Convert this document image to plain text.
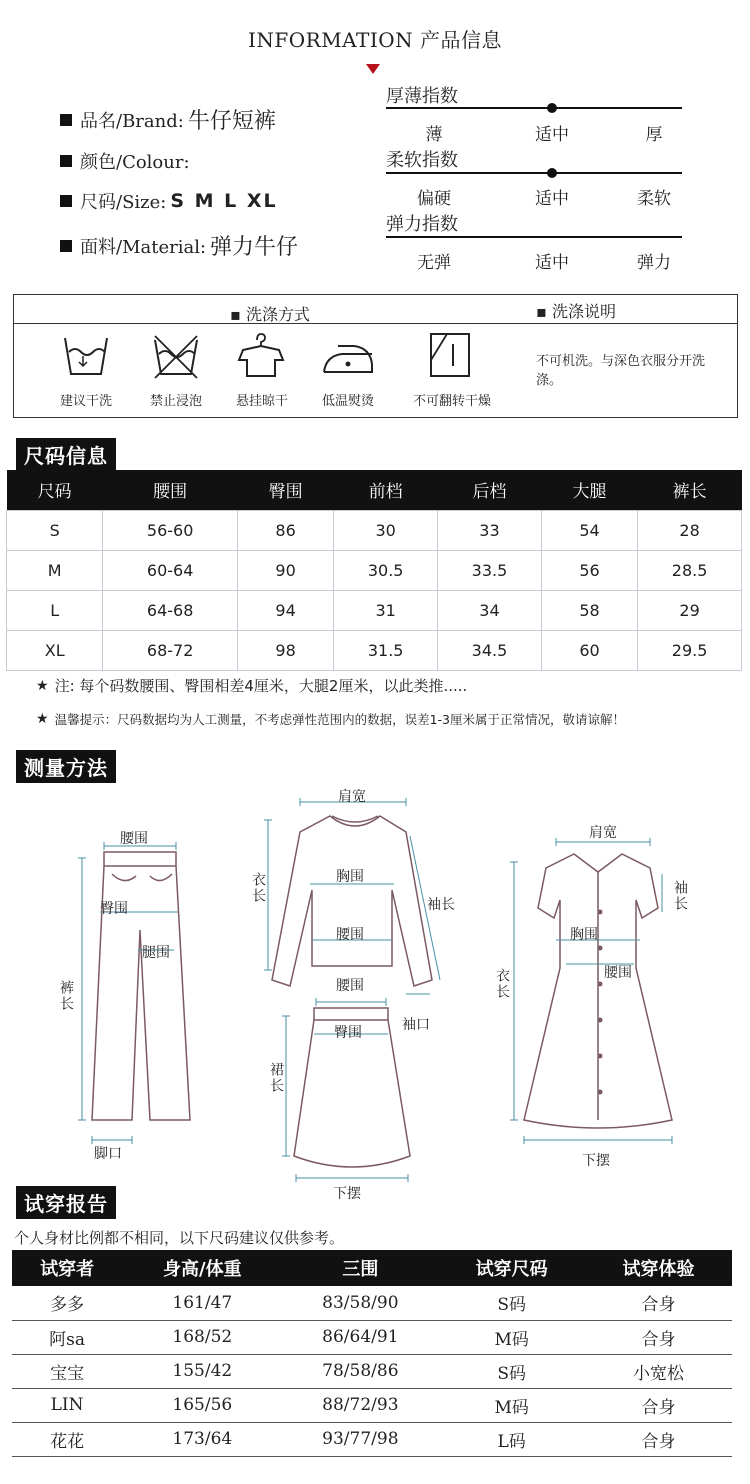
INFORMATION 产品信息
品名/Brand: 牛仔短裤
颜色/Colour:
尺码/Size: S M L XL
面料/Material: 弹力牛仔
厚薄指数
薄	适中	厚
柔软指数
偏硬	适中	柔软
弹力指数
无弹	适中	弹力
▪ 洗涤方式	▪ 洗涤说明
建议干洗	禁止浸泡	悬挂晾干	低温熨烫	不可翻转干燥
不可机洗。与深色衣服分开洗涤。
尺码信息
尺码	腰围	臀围	前档	后档	大腿	裤长
S	56-60	86	30	33	54	28
M	60-64	90	30.5	33.5	56	28.5
L	64-68	94	31	34	58	29
XL	68-72	98	31.5	34.5	60	29.5
★ 注: 每个码数腰围、臀围相差4厘米，大腿2厘米，以此类推.....
★ 温馨提示：尺码数据均为人工测量，不考虑弹性范围内的数据，误差1-3厘米属于正常情况，敬请谅解！
测量方法
腰围
臀围
腿围
裤长
脚口
肩宽
衣长	胸围
腰围
袖长
袖口
腰围
臀围
裙长
下摆
肩宽
袖长
胸围
腰围
衣长
下摆
试穿报告
个人身材比例都不相同，以下尺码建议仅供参考。
试穿者	身高/体重	三围	试穿尺码	试穿体验
多多	161/47	83/58/90	S码	合身
阿sa	168/52	86/64/91	M码	合身
宝宝	155/42	78/58/86	S码	小宽松
LIN	165/56	88/72/93	M码	合身
花花	173/64	93/77/98	L码	合身
